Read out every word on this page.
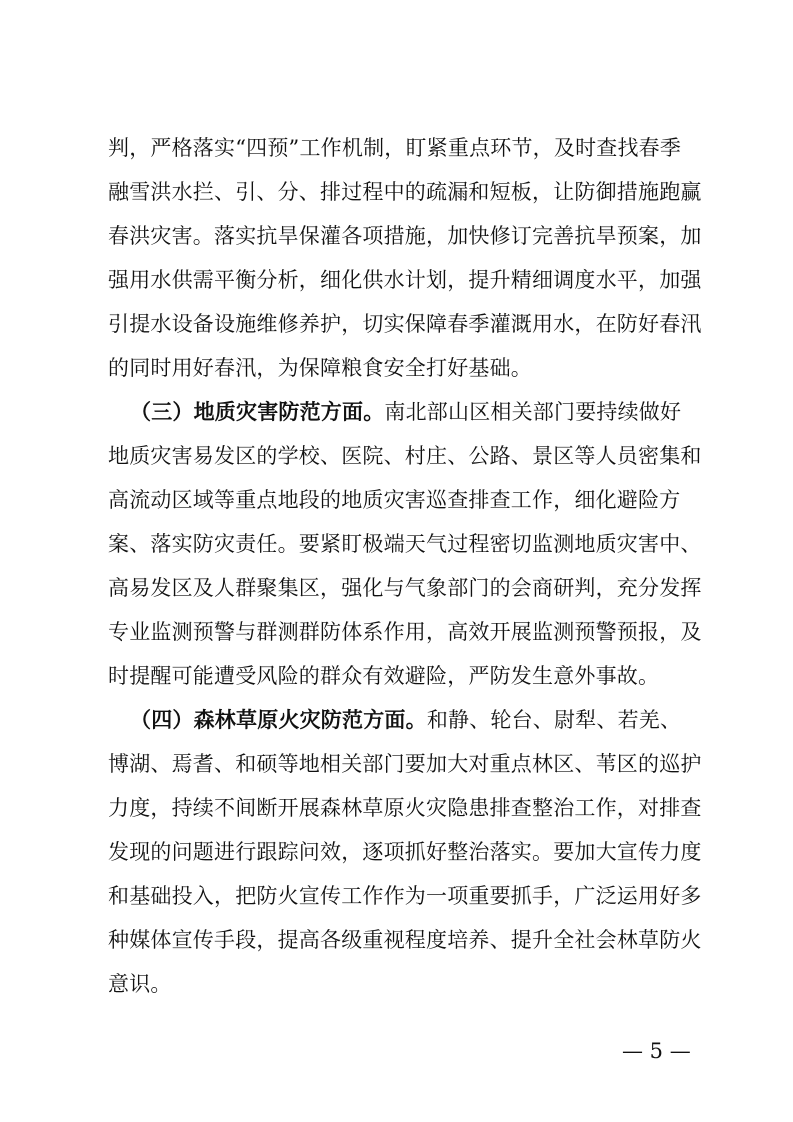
判，严格落实“四预”工作机制，盯紧重点环节，及时查找春季
融雪洪水拦、引、分、排过程中的疏漏和短板，让防御措施跑赢
春洪灾害。落实抗旱保灌各项措施，加快修订完善抗旱预案，加
强用水供需平衡分析，细化供水计划，提升精细调度水平，加强
引提水设备设施维修养护，切实保障春季灌溉用水，在防好春汛
的同时用好春汛，为保障粮食安全打好基础。
（三）地质灾害防范方面。南北部山区相关部门要持续做好
地质灾害易发区的学校、医院、村庄、公路、景区等人员密集和
高流动区域等重点地段的地质灾害巡查排查工作，细化避险方
案、落实防灾责任。要紧盯极端天气过程密切监测地质灾害中、
高易发区及人群聚集区，强化与气象部门的会商研判，充分发挥
专业监测预警与群测群防体系作用，高效开展监测预警预报，及
时提醒可能遭受风险的群众有效避险，严防发生意外事故。
（四）森林草原火灾防范方面。和静、轮台、尉犁、若羌、
博湖、焉耆、和硕等地相关部门要加大对重点林区、苇区的巡护
力度，持续不间断开展森林草原火灾隐患排查整治工作，对排查
发现的问题进行跟踪问效，逐项抓好整治落实。要加大宣传力度
和基础投入，把防火宣传工作作为一项重要抓手，广泛运用好多
种媒体宣传手段，提高各级重视程度培养、提升全社会林草防火
意识。
— 5 —
